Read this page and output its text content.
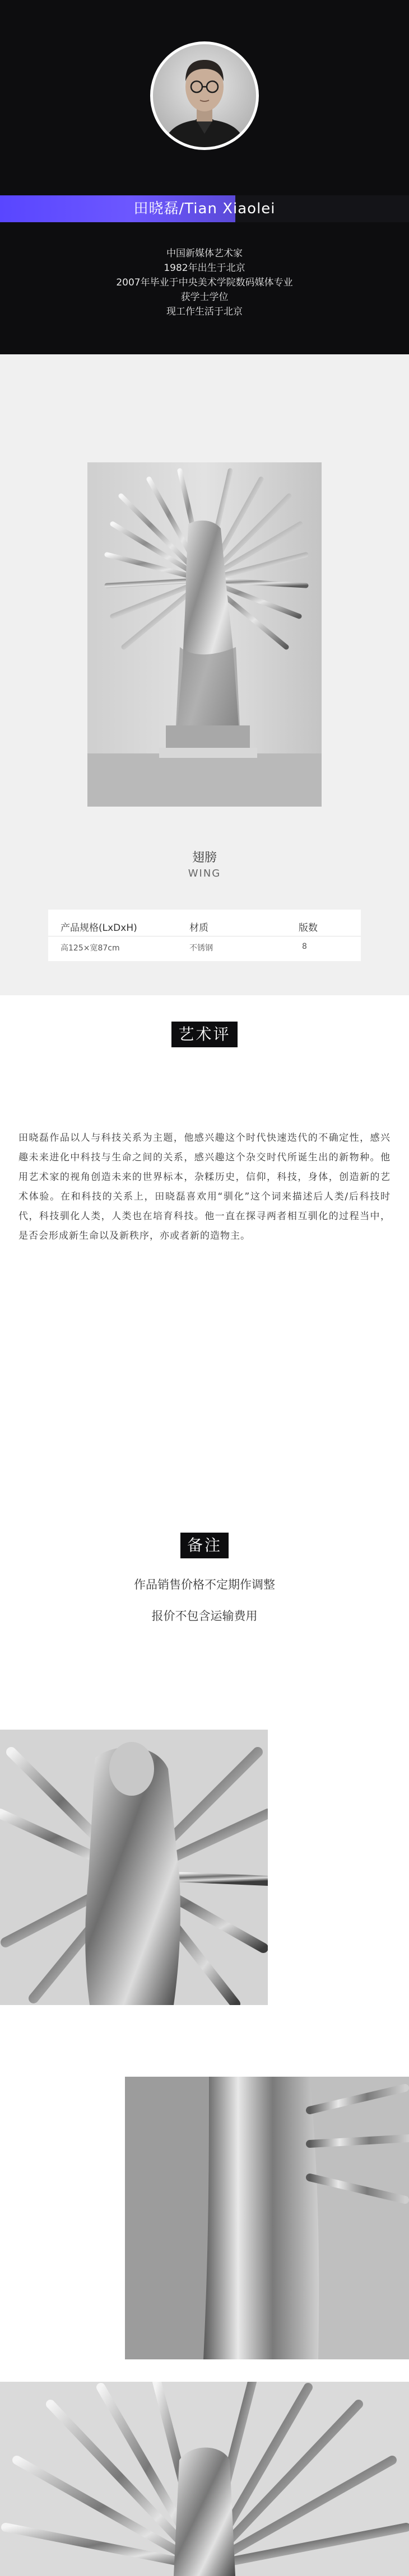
田晓磊/Tian Xiaolei
中国新媒体艺术家
1982年出生于北京
2007年毕业于中央美术学院数码媒体专业
获学士学位
现工作生活于北京
翅膀
WING
产品规格(LxDxH)
高125×宽87cm
材质
不锈钢
版数
8
艺术评价
田晓磊作品以人与科技关系为主题，他感兴趣这个时代快速迭代的不确定性，感兴趣未来进化中科技与生命之间的关系，感兴趣这个杂交时代所诞生出的新物种。他用艺术家的视角创造未来的世界标本，杂糅历史，信仰，科技，身体，创造新的艺术体验。在和科技的关系上，田晓磊喜欢用“驯化”这个词来描述后人类/后科技时代，科技驯化人类，人类也在培育科技。他一直在探寻两者相互驯化的过程当中，是否会形成新生命以及新秩序，亦或者新的造物主。
备注
作品销售价格不定期作调整
报价不包含运输费用
